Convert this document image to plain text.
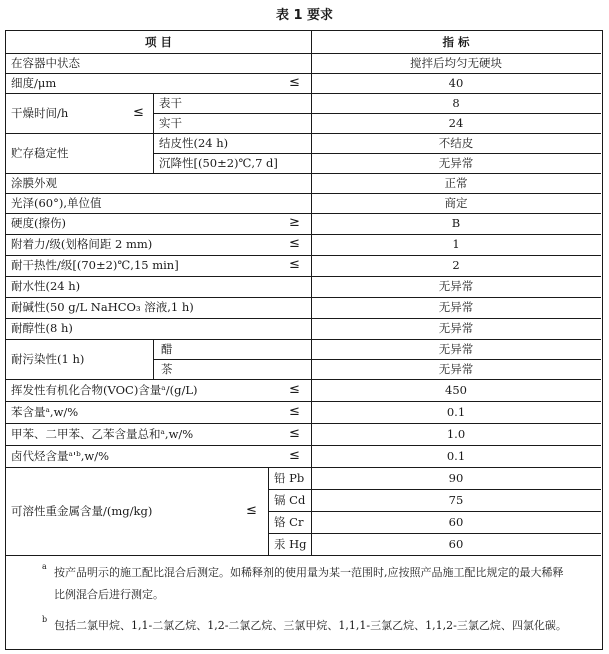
表 1 要求
项 目	指 标
在容器中状态	搅拌后均匀无硬块
细度/μm	≤	40
干燥时间/h	≤
表干	8
实干	24
贮存稳定性
结皮性(24 h)	不结皮
沉降性[(50±2)℃,7 d]	无异常
涂膜外观	正常
光泽(60°),单位值	商定
硬度(擦伤)	≥	B
附着力/级(划格间距 2 mm)	≤	1
耐干热性/级[(70±2)℃,15 min]	≤	2
耐水性(24 h)	无异常
耐碱性(50 g/L NaHCO₃ 溶液,1 h)	无异常
耐醇性(8 h)	无异常
耐污染性(1 h)
醋	无异常
茶	无异常
挥发性有机化合物(VOC)含量ᵃ/(g/L)	≤	450
苯含量ᵃ,w/%	≤	0.1
甲苯、二甲苯、乙苯含量总和ᵃ,w/%	≤	1.0
卤代烃含量ᵃ'ᵇ,w/%	≤	0.1
可溶性重金属含量/(mg/kg)	≤
铅 Pb	90
镉 Cd	75
铬 Cr	60
汞 Hg	60
a 按产品明示的施工配比混合后测定。如稀释剂的使用量为某一范围时,应按照产品施工配比规定的最大稀释
比例混合后进行测定。
b 包括二氯甲烷、1,1-二氯乙烷、1,2-二氯乙烷、三氯甲烷、1,1,1-三氯乙烷、1,1,2-三氯乙烷、四氯化碳。
